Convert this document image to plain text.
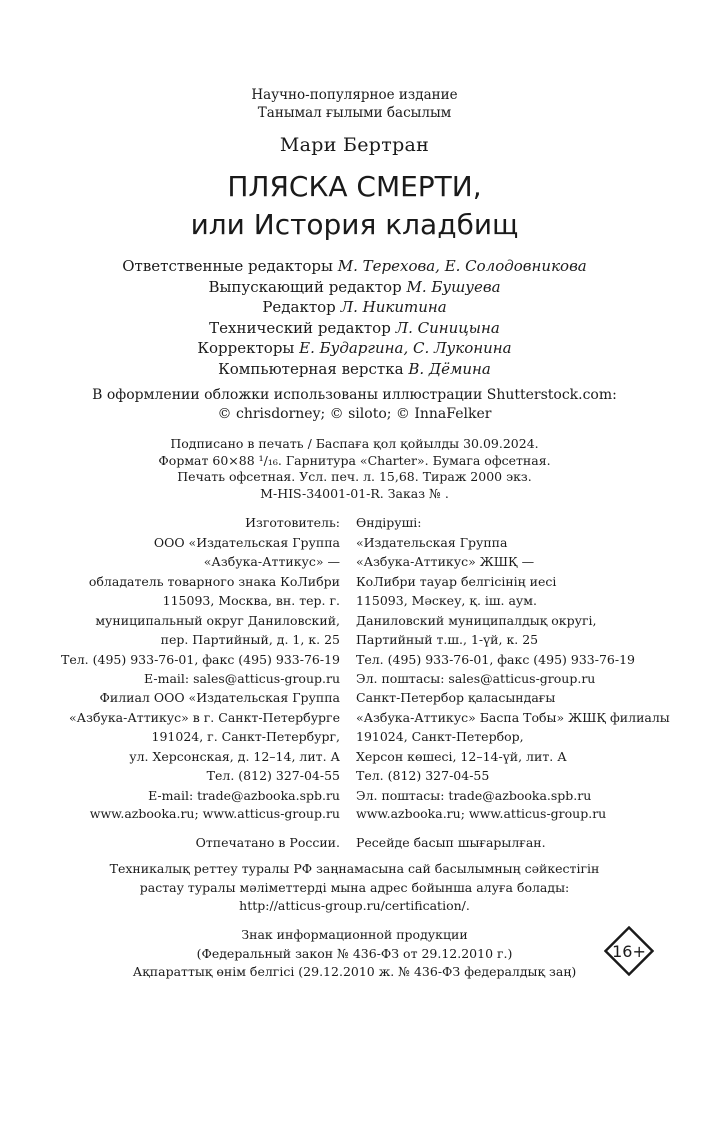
Научно-популярное издание
Танымал ғылыми басылым
Мари Бертран
ПЛЯСКА СМЕРТИ,
или История кладбищ
Ответственные редакторы М. Терехова, Е. Солодовникова
Выпускающий редактор М. Бушуева
Редактор Л. Никитина
Технический редактор Л. Синицына
Корректоры Е. Бударгина, С. Луконина
Компьютерная верстка В. Дёмина
В оформлении обложки использованы иллюстрации Shutterstock.com:
© chrisdorney; © siloto; © InnaFelker
Подписано в печать / Баспаға қол қойылды 30.09.2024.
Формат 60×88 ¹/₁₆. Гарнитура «Charter». Бумага офсетная.
Печать офсетная. Усл. печ. л. 15,68. Тираж 2000 экз.
M-HIS-34001-01-R. Заказ № .
Изготовитель:	Өндіруші:
ООО «Издательская Группа	«Издательская Группа
«Азбука-Аттикус» —	«Азбука-Аттикус» ЖШҚ —
обладатель товарного знака КоЛибри	КоЛибри тауар белгісінің иесі
115093, Москва, вн. тер. г.	115093, Мәскеу, қ. іш. аум.
муниципальный округ Даниловский,	Даниловский муниципалдық округі,
пер. Партийный, д. 1, к. 25	Партийный т.ш., 1-үй, к. 25
Тел. (495) 933-76-01, факс (495) 933-76-19	Тел. (495) 933-76-01, факс (495) 933-76-19
E-mail: sales@atticus-group.ru	Эл. поштасы: sales@atticus-group.ru
Филиал ООО «Издательская Группа	Санкт-Петербор қаласындағы
«Азбука-Аттикус» в г. Санкт-Петербурге	«Азбука-Аттикус» Баспа Тобы» ЖШҚ филиалы
191024, г. Санкт-Петербург,	191024, Санкт-Петербор,
ул. Херсонская, д. 12–14, лит. А	Херсон көшесі, 12–14-үй, лит. А
Тел. (812) 327-04-55	Тел. (812) 327-04-55
E-mail: trade@azbooka.spb.ru	Эл. поштасы: trade@azbooka.spb.ru
www.azbooka.ru; www.atticus-group.ru	www.azbooka.ru; www.atticus-group.ru
Отпечатано в России.	Ресейде басып шығарылған.
Техникалық реттеу туралы РФ заңнамасына сай басылымның сәйкестігін
растау туралы мәліметтерді мына адрес бойынша алуға болады:
http://atticus-group.ru/certification/.
Знак информационной продукции
(Федеральный закон № 436-ФЗ от 29.12.2010 г.)
Ақпараттық өнім белгісі (29.12.2010 ж. № 436-ФЗ федералдық заң)
16+
